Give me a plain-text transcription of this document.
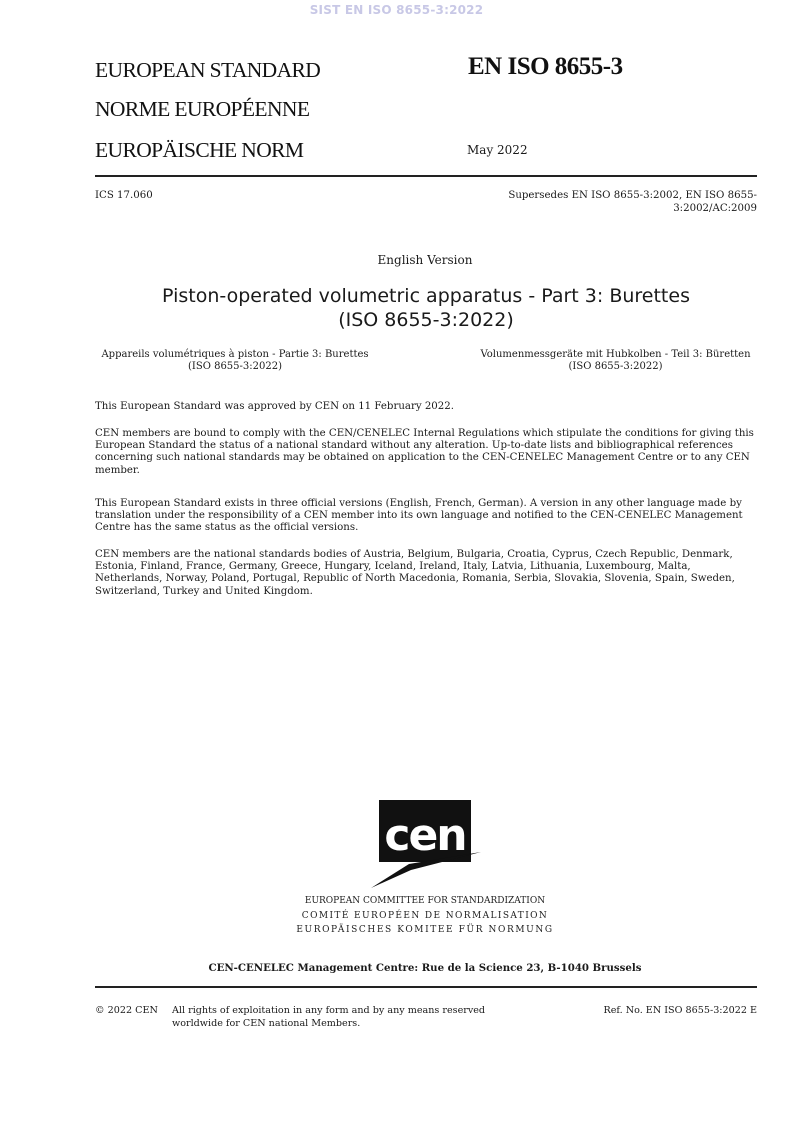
SIST EN ISO 8655-3:2022
EUROPEAN STANDARD
NORME EUROPÉENNE
EUROPÄISCHE NORM
EN ISO 8655-3
May 2022
ICS 17.060	Supersedes EN ISO 8655-3:2002, EN ISO 8655-
3:2002/AC:2009
English Version
Piston-operated volumetric apparatus - Part 3: Burettes
(ISO 8655-3:2022)
Appareils volumétriques à piston - Partie 3: Burettes
(ISO 8655-3:2022)
Volumenmessgeräte mit Hubkolben - Teil 3: Büretten
(ISO 8655-3:2022)
This European Standard was approved by CEN on 11 February 2022.
CEN members are bound to comply with the CEN/CENELEC Internal Regulations which stipulate the conditions for giving this European Standard the status of a national standard without any alteration. Up-to-date lists and bibliographical references concerning such national standards may be obtained on application to the CEN-CENELEC Management Centre or to any CEN member.
This European Standard exists in three official versions (English, French, German). A version in any other language made by translation under the responsibility of a CEN member into its own language and notified to the CEN-CENELEC Management Centre has the same status as the official versions.
CEN members are the national standards bodies of Austria, Belgium, Bulgaria, Croatia, Cyprus, Czech Republic, Denmark, Estonia, Finland, France, Germany, Greece, Hungary, Iceland, Ireland, Italy, Latvia, Lithuania, Luxembourg, Malta, Netherlands, Norway, Poland, Portugal, Republic of North Macedonia, Romania, Serbia, Slovakia, Slovenia, Spain, Sweden, Switzerland, Turkey and United Kingdom.
cen
EUROPEAN COMMITTEE FOR STANDARDIZATION
COMITÉ EUROPÉEN DE NORMALISATION
EUROPÄISCHES KOMITEE FÜR NORMUNG
CEN-CENELEC Management Centre: Rue de la Science 23, B-1040 Brussels
© 2022 CEN All rights of exploitation in any form and by any means reserved
worldwide for CEN national Members.
Ref. No. EN ISO 8655-3:2022 E
